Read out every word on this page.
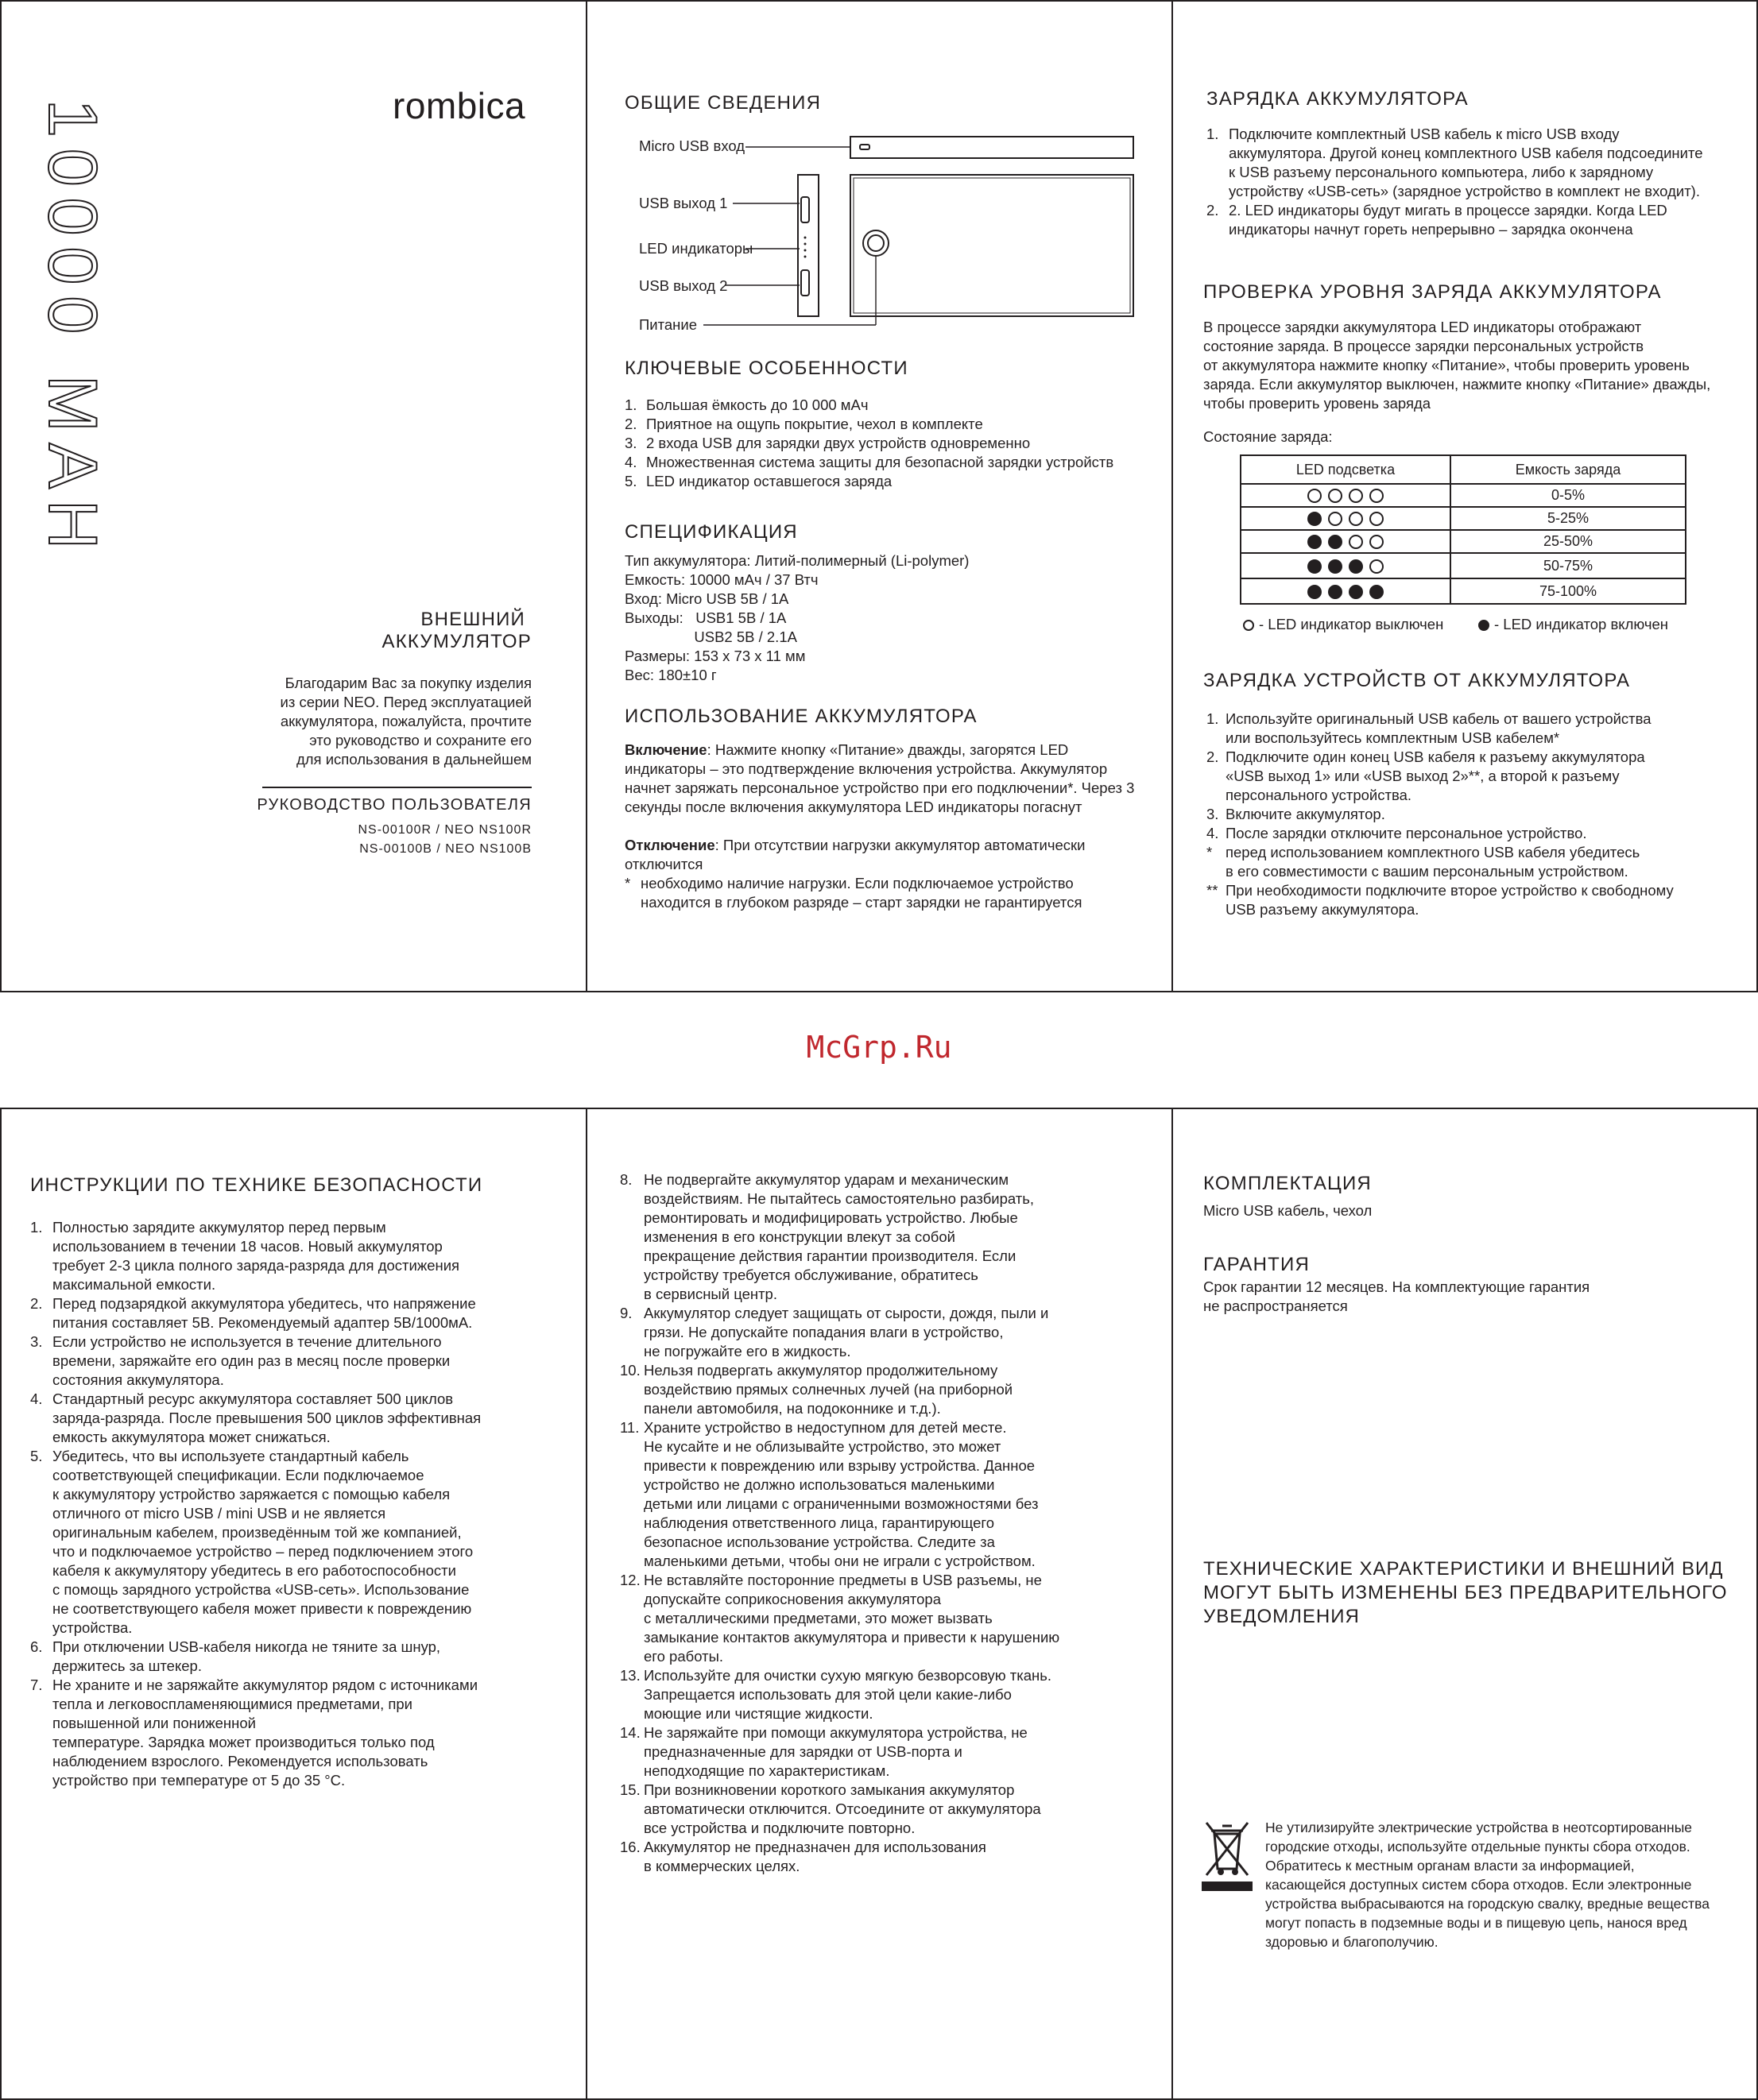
10000 MAH	rombica
ВНЕШНИЙ
АККУМУЛЯТОР
Благодарим Вас за покупку изделия
из серии NEO. Перед эксплуатацией
аккумулятора, пожалуйста, прочтите
это руководство и сохраните его
для использования в дальнейшем
РУКОВОДСТВО ПОЛЬЗОВАТЕЛЯ
NS-00100R / NEO NS100R
NS-00100B / NEO NS100B
ОБЩИЕ СВЕДЕНИЯ
Micro USB вход
USB выход 1
LED индикаторы
USB выход 2
Питание
КЛЮЧЕВЫЕ ОСОБЕННОСТИ
1. Большая ёмкость до 10 000 мАч
2. Приятное на ощупь покрытие, чехол в комплекте
3. 2 входа USB для зарядки двух устройств одновременно
4. Множественная система защиты для безопасной зарядки устройств
5. LED индикатор оставшегося заряда
СПЕЦИФИКАЦИЯ
Тип аккумулятора: Литий-полимерный (Li-polymer)
Емкость: 10000 мАч / 37 Втч
Вход: Micro USB 5В / 1А
Выходы:   USB1 5В / 1А
USB2 5В / 2.1А
Размеры: 153 x 73 x 11 мм
Вес: 180±10 г
ИСПОЛЬЗОВАНИЕ АККУМУЛЯТОРА
Включение: Нажмите кнопку «Питание» дважды, загорятся LED индикаторы – это подтверждение включения устройства. Аккумулятор начнет заряжать персональное устройство при его подключении*. Через 3 секунды после включения аккумулятора LED индикаторы погаснут
Отключение: При отсутствии нагрузки аккумулятор автоматически отключится
* необходимо наличие нагрузки. Если подключаемое устройство
находится в глубоком разряде – старт зарядки не гарантируется
ЗАРЯДКА АККУМУЛЯТОРА
1. Подключите комплектный USB кабель к micro USB входу
аккумулятора. Другой конец комплектного USB кабеля подсоедините
к USB разъему персонального компьютера, либо к зарядному
устройству «USB-сеть» (зарядное устройство в комплект не входит).
2. 2. LED индикаторы будут мигать в процессе зарядки. Когда LED
индикаторы начнут гореть непрерывно – зарядка окончена
ПРОВЕРКА УРОВНЯ ЗАРЯДА АККУМУЛЯТОРА
В процессе зарядки аккумулятора LED индикаторы отображают
состояние заряда. В процессе зарядки персональных устройств
от аккумулятора нажмите кнопку «Питание», чтобы проверить уровень
заряда. Если аккумулятор выключен, нажмите кнопку «Питание» дважды,
чтобы проверить уровень заряда
Состояние заряда:
LED подсветка	Емкость заряда
	0-5%
	5-25%
	25-50%
	50-75%
	75-100%
- LED индикатор выключен	- LED индикатор включен
ЗАРЯДКА УСТРОЙСТВ ОТ АККУМУЛЯТОРА
1. Используйте оригинальный USB кабель от вашего устройства
или воспользуйтесь комплектным USB кабелем*
2. Подключите один конец USB кабеля к разъему аккумулятора
«USB выход 1» или «USB выход 2»**, а второй к разъему
персонального устройства.
3. Включите аккумулятор.
4. После зарядки отключите персональное устройство.
* перед использованием комплектного USB кабеля убедитесь
в его совместимости с вашим персональным устройством.
** При необходимости подключите второе устройство к свободному
USB разъему аккумулятора.
McGrp.Ru
ИНСТРУКЦИИ ПО ТЕХНИКЕ БЕЗОПАСНОСТИ
1. Полностью зарядите аккумулятор перед первым
использованием в течении 18 часов. Новый аккумулятор
требует 2-3 цикла полного заряда-разряда для достижения
максимальной емкости.
2. Перед подзарядкой аккумулятора убедитесь, что напряжение
питания составляет 5В. Рекомендуемый адаптер 5В/1000мА.
3. Если устройство не используется в течение длительного
времени, заряжайте его один раз в месяц после проверки
состояния аккумулятора.
4. Стандартный ресурс аккумулятора составляет 500 циклов
заряда-разряда. После превышения 500 циклов эффективная
емкость аккумулятора может снижаться.
5. Убедитесь, что вы используете стандартный кабель
соответствующей спецификации. Если подключаемое
к аккумулятору устройство заряжается с помощью кабеля
отличного от micro USB / mini USB и не является
оригинальным кабелем, произведённым той же компанией,
что и подключаемое устройство – перед подключением этого
кабеля к аккумулятору убедитесь в его работоспособности
с помощь зарядного устройства «USB-сеть». Использование
не соответствующего кабеля может привести к повреждению
устройства.
6. При отключении USB-кабеля никогда не тяните за шнур,
держитесь за штекер.
7. Не храните и не заряжайте аккумулятор рядом с источниками
тепла и легковоспламеняющимися предметами, при
повышенной или пониженной
температуре. Зарядка может производиться только под
наблюдением взрослого. Рекомендуется использовать
устройство при температуре от 5 до 35 °С.
8. Не подвергайте аккумулятор ударам и механическим
воздействиям. Не пытайтесь самостоятельно разбирать,
ремонтировать и модифицировать устройство. Любые
изменения в его конструкции влекут за собой
прекращение действия гарантии производителя. Если
устройству требуется обслуживание, обратитесь
в сервисный центр.
9. Аккумулятор следует защищать от сырости, дождя, пыли и
грязи. Не допускайте попадания влаги в устройство,
не погружайте его в жидкость.
10. Нельзя подвергать аккумулятор продолжительному
воздействию прямых солнечных лучей (на приборной
панели автомобиля, на подоконнике и т.д.).
11. Храните устройство в недоступном для детей месте.
Не кусайте и не облизывайте устройство, это может
привести к повреждению или взрыву устройства. Данное
устройство не должно использоваться маленькими
детьми или лицами с ограниченными возможностями без
наблюдения ответственного лица, гарантирующего
безопасное использование устройства. Следите за
маленькими детьми, чтобы они не играли с устройством.
12. Не вставляйте посторонние предметы в USB разъемы, не
допускайте соприкосновения аккумулятора
с металлическими предметами, это может вызвать
замыкание контактов аккумулятора и привести к нарушению
его работы.
13. Используйте для очистки сухую мягкую безворсовую ткань.
Запрещается использовать для этой цели какие-либо
моющие или чистящие жидкости.
14. Не заряжайте при помощи аккумулятора устройства, не
предназначенные для зарядки от USB-порта и
неподходящие по характеристикам.
15. При возникновении короткого замыкания аккумулятор
автоматически отключится. Отсоедините от аккумулятора
все устройства и подключите повторно.
16. Аккумулятор не предназначен для использования
в коммерческих целях.
КОМПЛЕКТАЦИЯ
Micro USB кабель, чехол
ГАРАНТИЯ
Срок гарантии 12 месяцев. На комплектующие гарантия
не распространяется
ТЕХНИЧЕСКИЕ ХАРАКТЕРИСТИКИ И ВНЕШНИЙ ВИД
МОГУТ БЫТЬ ИЗМЕНЕНЫ БЕЗ ПРЕДВАРИТЕЛЬНОГО
УВЕДОМЛЕНИЯ
Не утилизируйте электрические устройства в неотсортированные
городские отходы, используйте отдельные пункты сбора отходов.
Обратитесь к местным органам власти за информацией,
касающейся доступных систем сбора отходов. Если электронные
устройства выбрасываются на городскую свалку, вредные вещества
могут попасть в подземные воды и в пищевую цепь, нанося вред
здоровью и благополучию.
